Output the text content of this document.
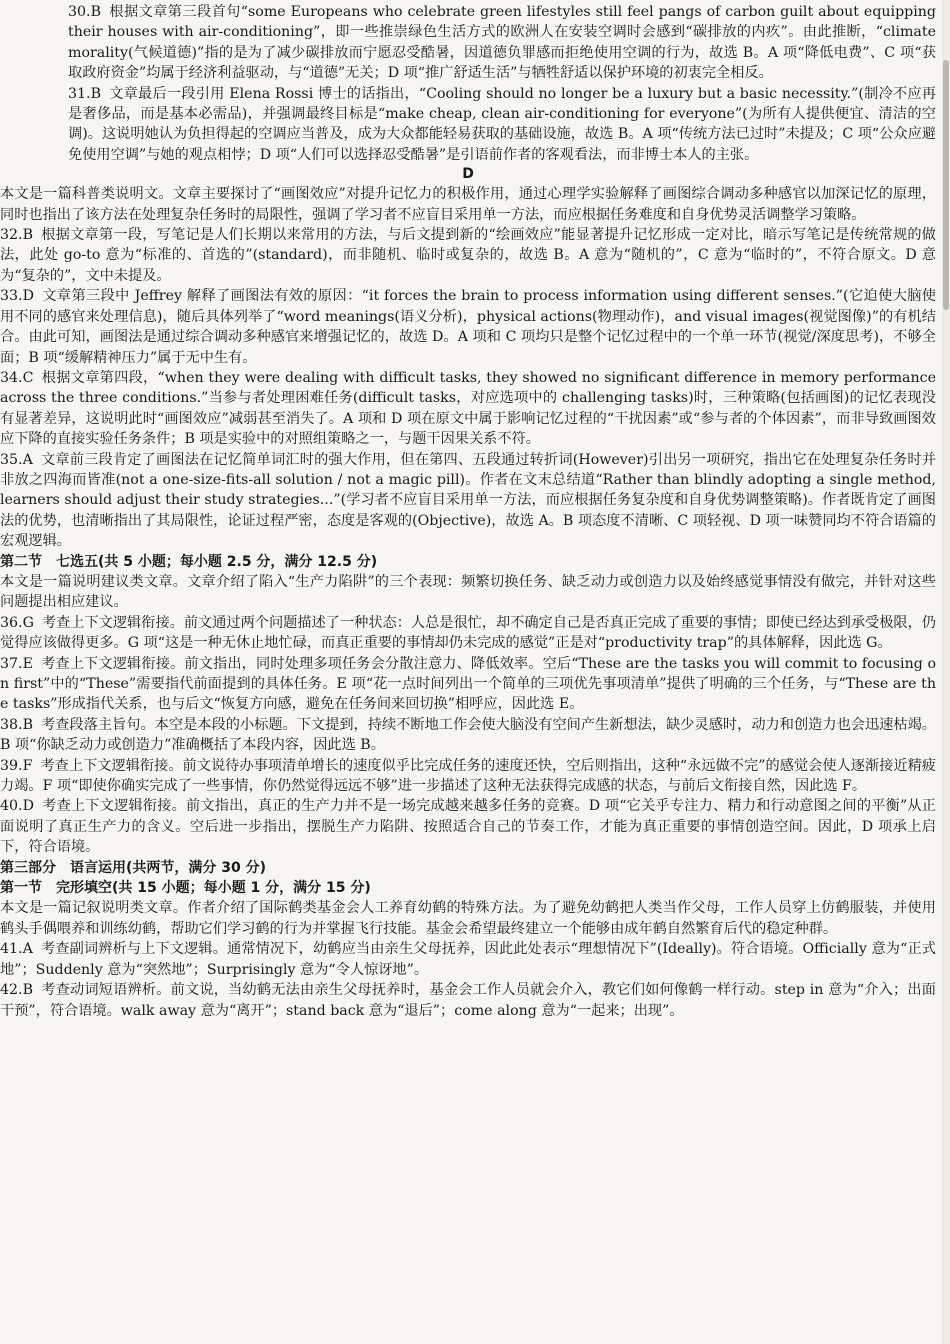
30.B 根据文章第三段首句“some Europeans who celebrate green lifestyles still feel pangs of carbon guilt about equipping their houses with air-conditioning”，即一些推崇绿色生活方式的欧洲人在安装空调时会感到“碳排放的内疚”。由此推断，“climate morality(气候道德)”指的是为了减少碳排放而宁愿忍受酷暑，因道德负罪感而拒绝使用空调的行为，故选 B。A 项“降低电费”、C 项“获取政府资金”均属于经济利益驱动，与“道德”无关；D 项“推广舒适生活”与牺牲舒适以保护环境的初衷完全相反。

31.B 文章最后一段引用 Elena Rossi 博士的话指出，“Cooling should no longer be a luxury but a basic necessity.”(制冷不应再是奢侈品，而是基本必需品)，并强调最终目标是“make cheap, clean air-conditioning for everyone”(为所有人提供便宜、清洁的空调)。这说明她认为负担得起的空调应当普及，成为大众都能轻易获取的基础设施，故选 B。A 项“传统方法已过时”未提及；C 项“公众应避免使用空调”与她的观点相悖；D 项“人们可以选择忍受酷暑”是引语前作者的客观看法，而非博士本人的主张。

D

本文是一篇科普类说明文。文章主要探讨了“画图效应”对提升记忆力的积极作用，通过心理学实验解释了画图综合调动多种感官以加深记忆的原理，同时也指出了该方法在处理复杂任务时的局限性，强调了学习者不应盲目采用单一方法，而应根据任务难度和自身优势灵活调整学习策略。

32.B 根据文章第一段，写笔记是人们长期以来常用的方法，与后文提到新的“绘画效应”能显著提升记忆形成一定对比，暗示写笔记是传统常规的做法，此处 go-to 意为“标准的、首选的”(standard)，而非随机、临时或复杂的，故选 B。A 意为“随机的”，C 意为“临时的”，不符合原文。D 意为“复杂的”，文中未提及。

33.D 文章第三段中 Jeffrey 解释了画图法有效的原因：“it forces the brain to process information using different senses.”(它迫使大脑使用不同的感官来处理信息)，随后具体列举了“word meanings(语义分析)，physical actions(物理动作)，and visual images(视觉图像)”的有机结合。由此可知，画图法是通过综合调动多种感官来增强记忆的，故选 D。A 项和 C 项均只是整个记忆过程中的一个单一环节(视觉/深度思考)，不够全面；B 项“缓解精神压力”属于无中生有。

34.C 根据文章第四段，“when they were dealing with difficult tasks, they showed no significant difference in memory performance across the three conditions.”当参与者处理困难任务(difficult tasks，对应选项中的 challenging tasks)时，三种策略(包括画图)的记忆表现没有显著差异，这说明此时“画图效应”减弱甚至消失了。A 项和 D 项在原文中属于影响记忆过程的“干扰因素”或“参与者的个体因素”，而非导致画图效应下降的直接实验任务条件；B 项是实验中的对照组策略之一，与题干因果关系不符。

35.A 文章前三段肯定了画图法在记忆简单词汇时的强大作用，但在第四、五段通过转折词(However)引出另一项研究，指出它在处理复杂任务时并非放之四海而皆准(not a one-size-fits-all solution / not a magic pill)。作者在文末总结道“Rather than blindly adopting a single method, learners should adjust their study strategies...”(学习者不应盲目采用单一方法，而应根据任务复杂度和自身优势调整策略)。作者既肯定了画图法的优势，也清晰指出了其局限性，论证过程严密，态度是客观的(Objective)，故选 A。B 项态度不清晰、C 项轻视、D 项一味赞同均不符合语篇的宏观逻辑。

第二节　七选五(共 5 小题；每小题 2.5 分，满分 12.5 分)

本文是一篇说明建议类文章。文章介绍了陷入“生产力陷阱”的三个表现：频繁切换任务、缺乏动力或创造力以及始终感觉事情没有做完，并针对这些问题提出相应建议。

36.G 考查上下文逻辑衔接。前文通过两个问题描述了一种状态：人总是很忙，却不确定自己是否真正完成了重要的事情；即使已经达到承受极限，仍觉得应该做得更多。G 项“这是一种无休止地忙碌，而真正重要的事情却仍未完成的感觉”正是对“productivity trap”的具体解释，因此选 G。

37.E 考查上下文逻辑衔接。前文指出，同时处理多项任务会分散注意力、降低效率。空后“These are the tasks you will commit to focusing on first”中的“These”需要指代前面提到的具体任务。E 项“花一点时间列出一个简单的三项优先事项清单”提供了明确的三个任务，与“These are the tasks”形成指代关系，也与后文“恢复方向感，避免在任务间来回切换”相呼应，因此选 E。

38.B 考查段落主旨句。本空是本段的小标题。下文提到，持续不断地工作会使大脑没有空间产生新想法，缺少灵感时，动力和创造力也会迅速枯竭。B 项“你缺乏动力或创造力”准确概括了本段内容，因此选 B。

39.F 考查上下文逻辑衔接。前文说待办事项清单增长的速度似乎比完成任务的速度还快，空后则指出，这种“永远做不完”的感觉会使人逐渐接近精疲力竭。F 项“即使你确实完成了一些事情，你仍然觉得远远不够”进一步描述了这种无法获得完成感的状态，与前后文衔接自然，因此选 F。

40.D 考查上下文逻辑衔接。前文指出，真正的生产力并不是一场完成越来越多任务的竞赛。D 项“它关乎专注力、精力和行动意图之间的平衡”从正面说明了真正生产力的含义。空后进一步指出，摆脱生产力陷阱、按照适合自己的节奏工作，才能为真正重要的事情创造空间。因此，D 项承上启下，符合语境。

第三部分　语言运用(共两节，满分 30 分)

第一节　完形填空(共 15 小题；每小题 1 分，满分 15 分)

本文是一篇记叙说明类文章。作者介绍了国际鹤类基金会人工养育幼鹤的特殊方法。为了避免幼鹤把人类当作父母，工作人员穿上仿鹤服装，并使用鹤头手偶喂养和训练幼鹤，帮助它们学习鹤的行为并掌握飞行技能。基金会希望最终建立一个能够由成年鹤自然繁育后代的稳定种群。

41.A 考查副词辨析与上下文逻辑。通常情况下，幼鹤应当由亲生父母抚养，因此此处表示“理想情况下”(Ideally)。符合语境。Officially 意为“正式地”；Suddenly 意为“突然地”；Surprisingly 意为“令人惊讶地”。

42.B 考查动词短语辨析。前文说，当幼鹤无法由亲生父母抚养时，基金会工作人员就会介入，教它们如何像鹤一样行动。step in 意为“介入；出面干预”，符合语境。walk away 意为“离开”；stand back 意为“退后”；come along 意为“一起来；出现”。
